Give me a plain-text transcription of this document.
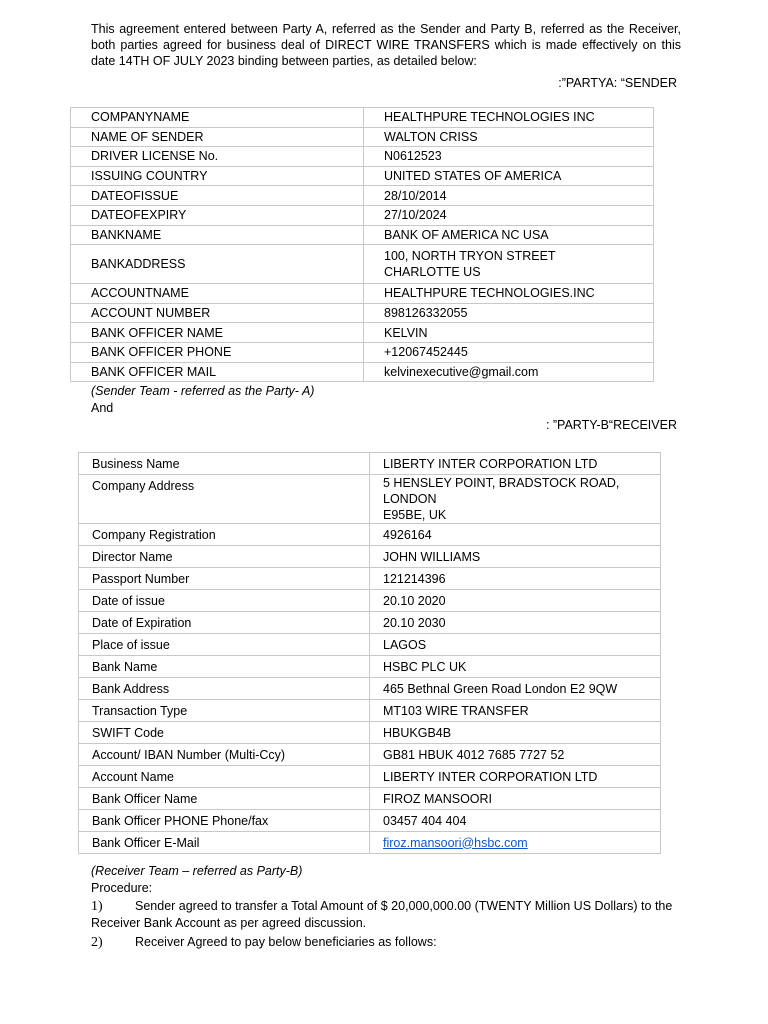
This agreement entered between Party A, referred as the Sender and Party B, referred as the Receiver, both parties agreed for business deal of DIRECT WIRE TRANSFERS which is made effectively on this date 14TH OF JULY 2023 binding between parties, as detailed below:
:”PARTYA: “SENDER
COMPANYNAME	HEALTHPURE TECHNOLOGIES INC
NAME OF SENDER	WALTON CRISS
DRIVER LICENSE No.	N0612523
ISSUING COUNTRY	UNITED STATES OF AMERICA
DATEOFISSUE	28/10/2014
DATEOFEXPIRY	27/10/2024
BANKNAME	BANK OF AMERICA NC USA
BANKADDRESS	100, NORTH TRYON STREET
CHARLOTTE US

ACCOUNTNAME	HEALTHPURE TECHNOLOGIES.INC
ACCOUNT NUMBER	898126332055
BANK OFFICER NAME	KELVIN
BANK OFFICER PHONE	+12067452445
BANK OFFICER MAIL	kelvinexecutive@gmail.com
(Sender Team - referred as the Party- A)
And
: ”PARTY-B“RECEIVER
Business Name	LIBERTY INTER CORPORATION LTD
Company Address	5 HENSLEY POINT, BRADSTOCK ROAD, LONDON
E95BE, UK

Company Registration	4926164
Director Name	JOHN WILLIAMS
Passport Number	121214396
Date of issue	20.10 2020
Date of Expiration	20.10 2030
Place of issue	LAGOS
Bank Name	HSBC PLC UK
Bank Address	465 Bethnal Green Road London E2 9QW
Transaction Type	MT103 WIRE TRANSFER
SWIFT Code	HBUKGB4B
Account/ IBAN Number (Multi-Ccy)	GB81 HBUK 4012 7685 7727 52
Account Name	LIBERTY INTER CORPORATION LTD
Bank Officer Name	FIROZ MANSOORI
Bank Officer PHONE Phone/fax	03457 404 404
Bank Officer E-Mail	firoz.mansoori@hsbc.com
(Receiver Team – referred as Party-B)
Procedure:
1)	Sender agreed to transfer a Total Amount of $ 20,000,000.00 (TWENTY Million US Dollars) to the Receiver Bank Account as per agreed discussion.
2)	Receiver Agreed to pay below beneficiaries as follows:
